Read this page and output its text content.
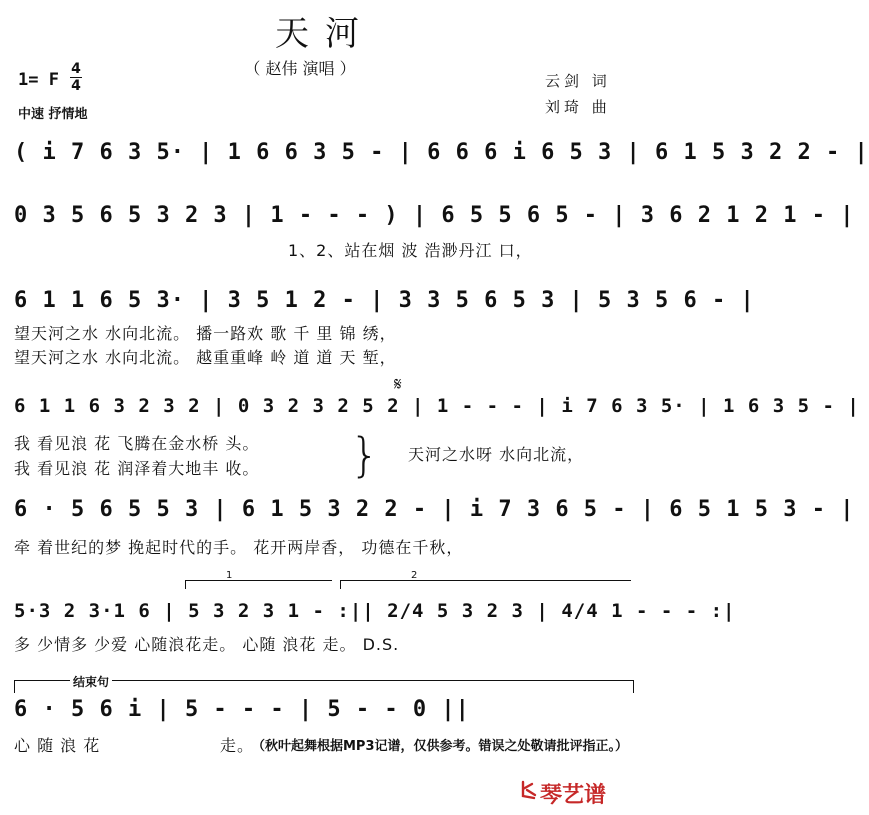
天河
（ 赵伟 演唱 ）
1= F
4
4
中速 抒情地
云剑 词
刘琦 曲
( i 7 6 3 5· | 1 6 6 3 5 - | 6 6 6 i 6 5 3 | 6 1 5 3 2 2 - |
0 3 5 6 5 3 2 3 | 1 - - - ) | 6 5 5 6 5 - | 3 6 2 1 2 1 - |
1、2、站在烟 波 浩渺丹江 口，
6 1 1 6 5 3· | 3 5 1 2 - | 3 3 5 6 5 3 | 5 3 5 6 - |
望天河之水 水向北流。 播一路欢 歌 千 里 锦 绣，
望天河之水 水向北流。 越重重峰 岭 道 道 天 堑，
𝄋
6 1 1 6 3 2 3 2 | 0 3 2 3 2 5 2 | 1 - - - | i 7 6 3 5· | 1 6 3 5 - |
我 看见浪 花 飞腾在金水桥 头。
我 看见浪 花 润泽着大地丰 收。 } 天河之水呀 水向北流，
6 · 5 6 5 5 3 | 6 1 5 3 2 2 - | i 7 3 6 5 - | 6 5 1 5 3 - |
牵 着世纪的梦 挽起时代的手。 花开两岸香， 功德在千秋，
1	2
5·3 2 3·1 6 | 5 3 2 3 1 - :|| 2/4 5 3 2 3 | 4/4 1 - - - :|
多 少情多 少爱 心随浪花走。 心随 浪花 走。 D.S.
结束句
6 · 5 6 i | 5 - - - | 5 - - 0 ||
心 随 浪 花	走。
（秋叶起舞根据MP3记谱，仅供参考。错误之处敬请批评指正。）
琴艺谱
